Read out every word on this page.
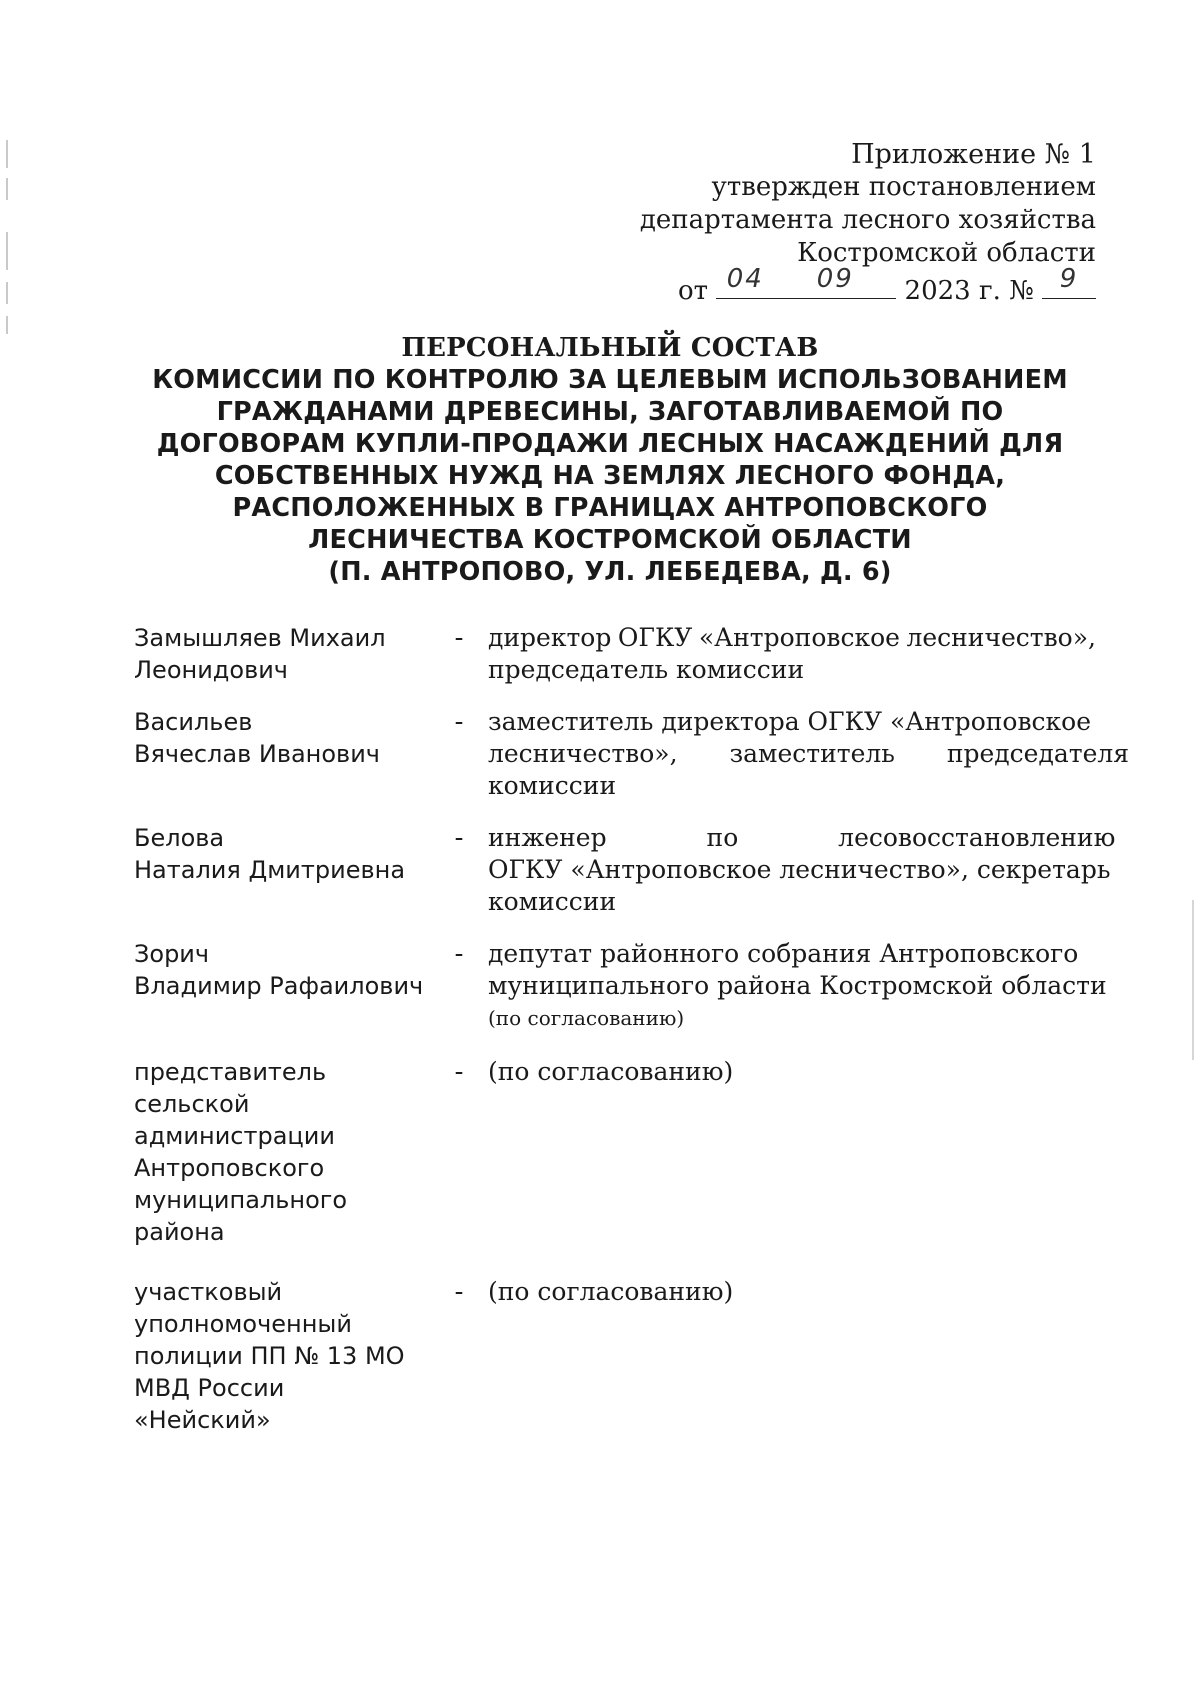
Приложение № 1
утвержден постановлением
департамента лесного хозяйства
Костромской области
от 04	09	2023 г. № 9
ПЕРСОНАЛЬНЫЙ СОСТАВ
КОМИССИИ ПО КОНТРОЛЮ ЗА ЦЕЛЕВЫМ ИСПОЛЬЗОВАНИЕМ
ГРАЖДАНАМИ ДРЕВЕСИНЫ, ЗАГОТАВЛИВАЕМОЙ ПО
ДОГОВОРАМ КУПЛИ-ПРОДАЖИ ЛЕСНЫХ НАСАЖДЕНИЙ ДЛЯ
СОБСТВЕННЫХ НУЖД НА ЗЕМЛЯХ ЛЕСНОГО ФОНДА,
РАСПОЛОЖЕННЫХ В ГРАНИЦАХ АНТРОПОВСКОГО
ЛЕСНИЧЕСТВА КОСТРОМСКОЙ ОБЛАСТИ
(П. АНТРОПОВО, УЛ. ЛЕБЕДЕВА, Д. 6)
Замышляев Михаил
Леонидович
- директор ОГКУ «Антроповское лесничество»,
председатель комиссии
Васильев
Вячеслав Иванович
- заместитель директора ОГКУ «Антроповское
лесничество», заместитель председателя
комиссии
Белова
Наталия Дмитриевна
- инженер по лесовосстановлению
ОГКУ «Антроповское лесничество», секретарь
комиссии
Зорич
Владимир Рафаилович
- депутат районного собрания Антроповского
муниципального района Костромской области
(по согласованию)
представитель
сельской
администрации
Антроповского
муниципального
района
- (по согласованию)
участковый
уполномоченный
полиции ПП № 13 МО
МВД России
«Нейский»
- (по согласованию)
